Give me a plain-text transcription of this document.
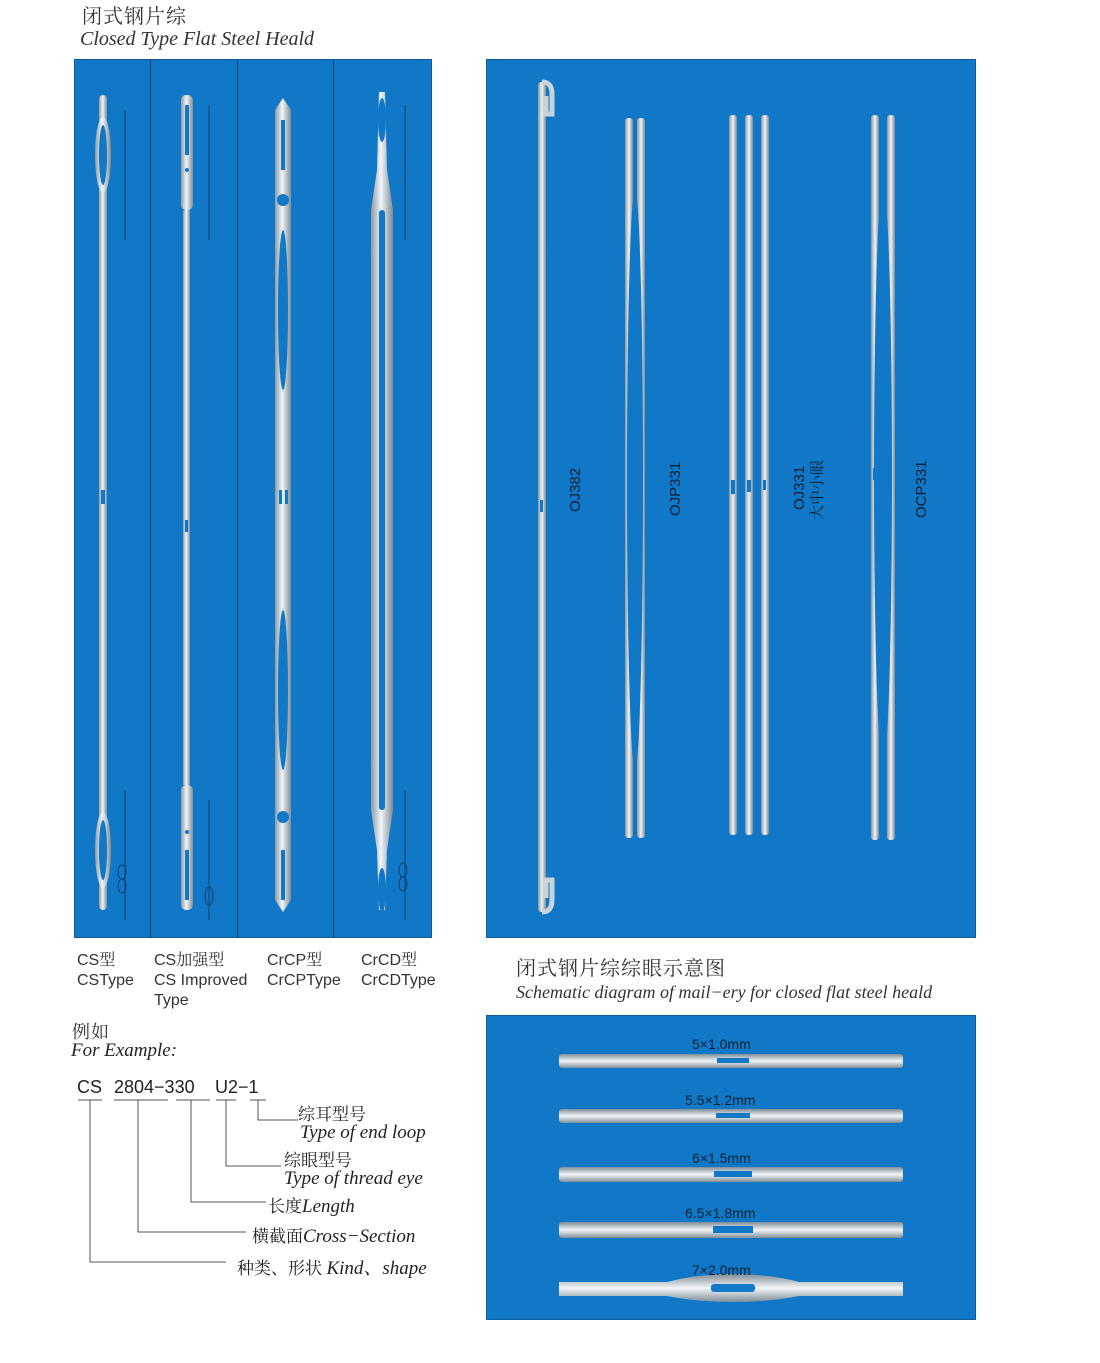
闭式钢片综
Closed Type Flat Steel Heald
CS型
CSType
CS加强型
CS Improved
Type
CrCP型
CrCPType
CrCD型
CrCDType
OJ382	OJP331	OJ331 大中小眼	OCP331
闭式钢片综综眼示意图
Schematic diagram of mail−ery for closed flat steel heald
5×1.0mm
5.5×1.2mm
6×1.5mm
6.5×1.8mm
7×2.0mm
例如
For Example:
CS 2804−330 U2−1
综耳型号
Type of end loop
综眼型号
Type of thread eye
长度Length
横截面Cross−Section
种类、形状 Kind、shape
